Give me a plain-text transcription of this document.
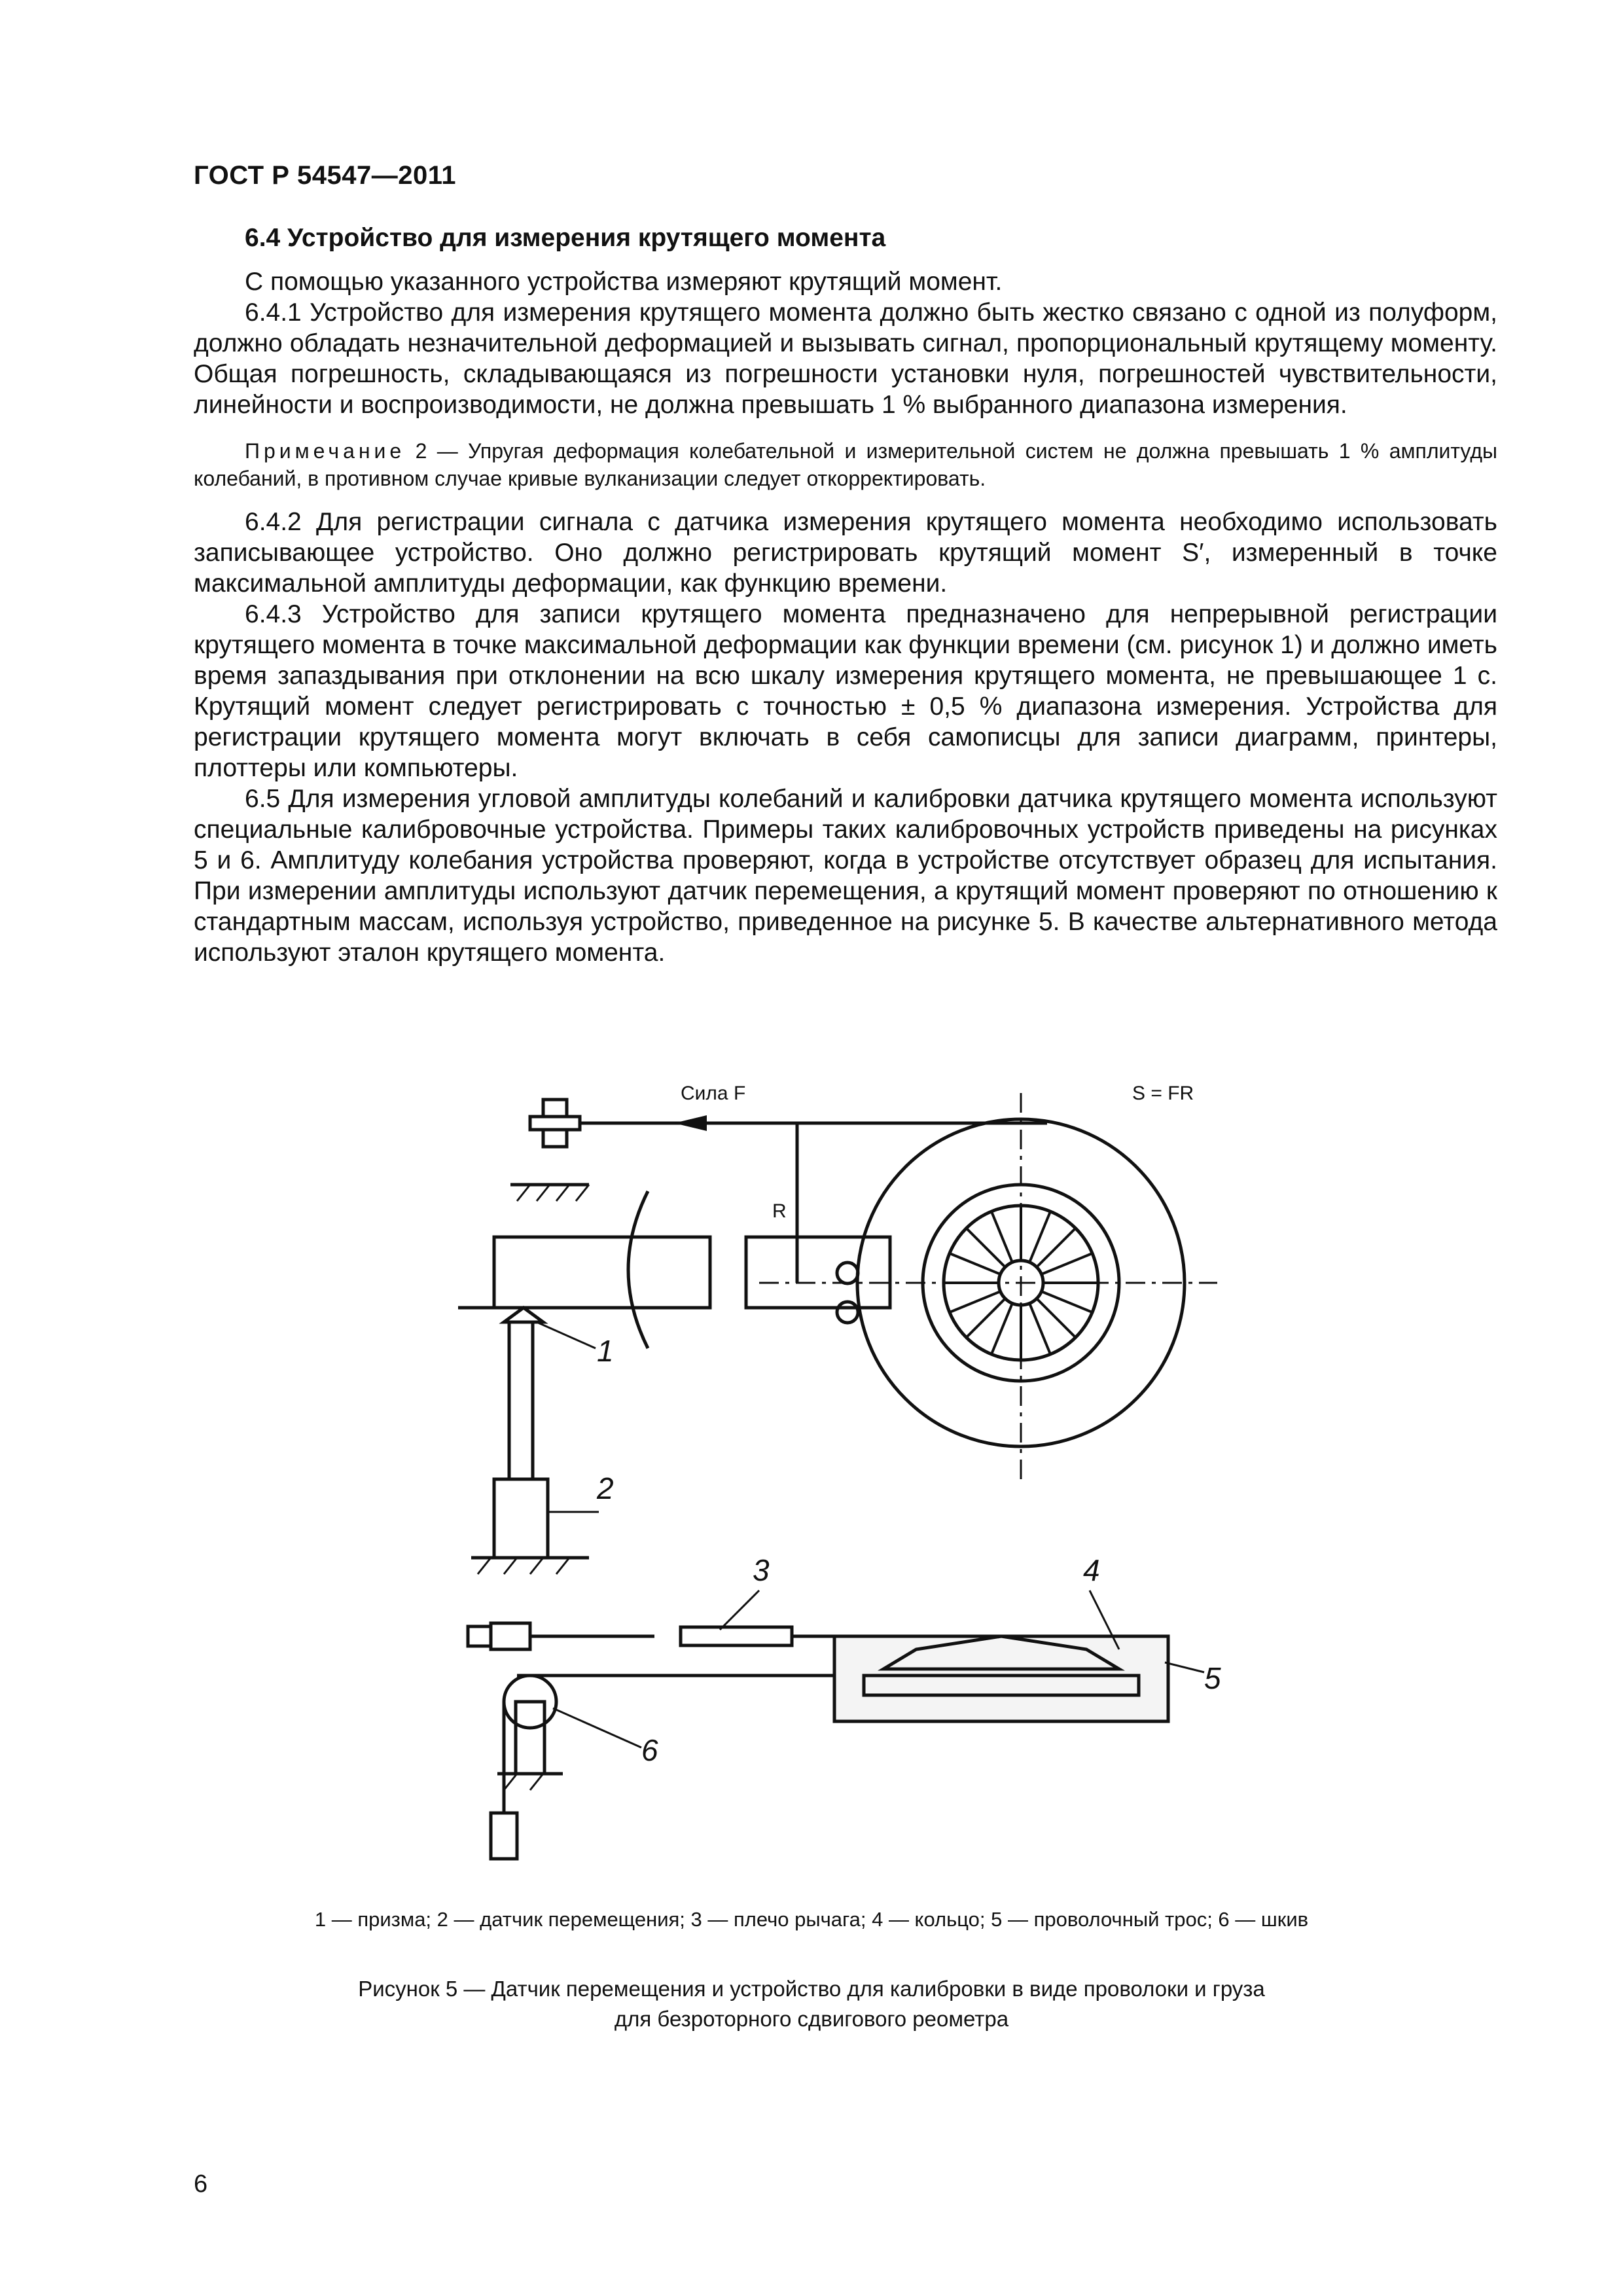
ГОСТ Р 54547—2011

6.4 Устройство для измерения крутящего момента

С помощью указанного устройства измеряют крутящий момент.

6.4.1 Устройство для измерения крутящего момента должно быть жестко связано с одной из полуформ, должно обладать незначительной деформацией и вызывать сигнал, пропорциональный крутящему моменту. Общая погрешность, складывающаяся из погрешности установки нуля, погрешностей чувствительности, линейности и воспроизводимости, не должна превышать 1 % выбранного диапазона измерения.

Примечание 2 — Упругая деформация колебательной и измерительной систем не должна превышать 1 % амплитуды колебаний, в противном случае кривые вулканизации следует откорректировать.

6.4.2 Для регистрации сигнала с датчика измерения крутящего момента необходимо использовать записывающее устройство. Оно должно регистрировать крутящий момент S′, измеренный в точке максимальной амплитуды деформации, как функцию времени.

6.4.3 Устройство для записи крутящего момента предназначено для непрерывной регистрации крутящего момента в точке максимальной деформации как функции времени (см. рисунок 1) и должно иметь время запаздывания при отклонении на всю шкалу измерения крутящего момента, не превышающее 1 с. Крутящий момент следует регистрировать с точностью ± 0,5 % диапазона измерения. Устройства для регистрации крутящего момента могут включать в себя самописцы для записи диаграмм, принтеры, плоттеры или компьютеры.

6.5 Для измерения угловой амплитуды колебаний и калибровки датчика крутящего момента используют специальные калибровочные устройства. Примеры таких калибровочных устройств приведены на рисунках 5 и 6. Амплитуду колебания устройства проверяют, когда в устройстве отсутствует образец для испытания. При измерении амплитуды используют датчик перемещения, а крутящий момент проверяют по отношению к стандартным массам, используя устройство, приведенное на рисунке 5. В качестве альтернативного метода используют эталон крутящего момента.

Сила F	S = FR
R
1
2
3	4
5
6
1 — призма; 2 — датчик перемещения; 3 — плечо рычага; 4 — кольцо; 5 — проволочный трос; 6 — шкив
Рисунок 5 — Датчик перемещения и устройство для калибровки в виде проволоки и груза
для безроторного сдвигового реометра
6
